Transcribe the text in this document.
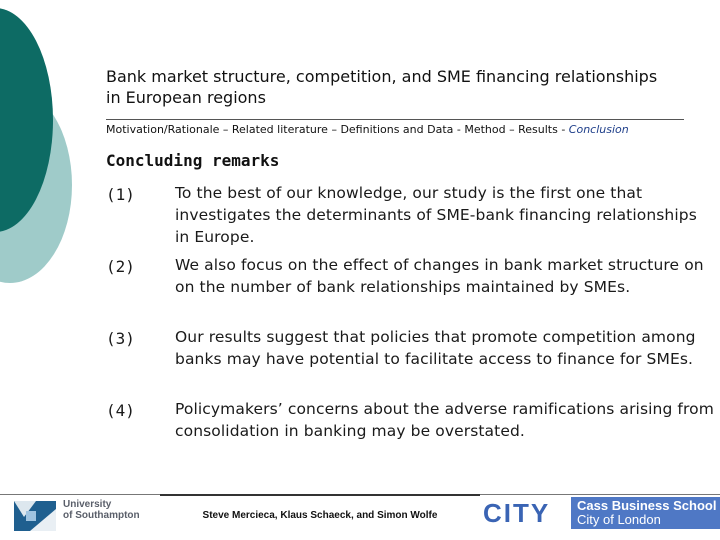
Bank market structure, competition, and SME financing relationships in European regions
Motivation/Rationale – Related literature – Definitions and Data - Method – Results - Conclusion
Concluding remarks
(1)	To the best of our knowledge, our study is the first one that investigates the determinants of SME-bank financing relationships in Europe.
(2)	We also focus on the effect of changes in bank market structure on on the number of bank relationships maintained by SMEs.
(3)	Our results suggest that policies that promote competition among banks may have potential to facilitate access to finance for SMEs.
(4)	Policymakers’ concerns about the adverse ramifications arising from consolidation in banking may be overstated.
University
of Southampton	Steve Mercieca, Klaus Schaeck, and Simon Wolfe	CITY	Cass Business School
City of London
